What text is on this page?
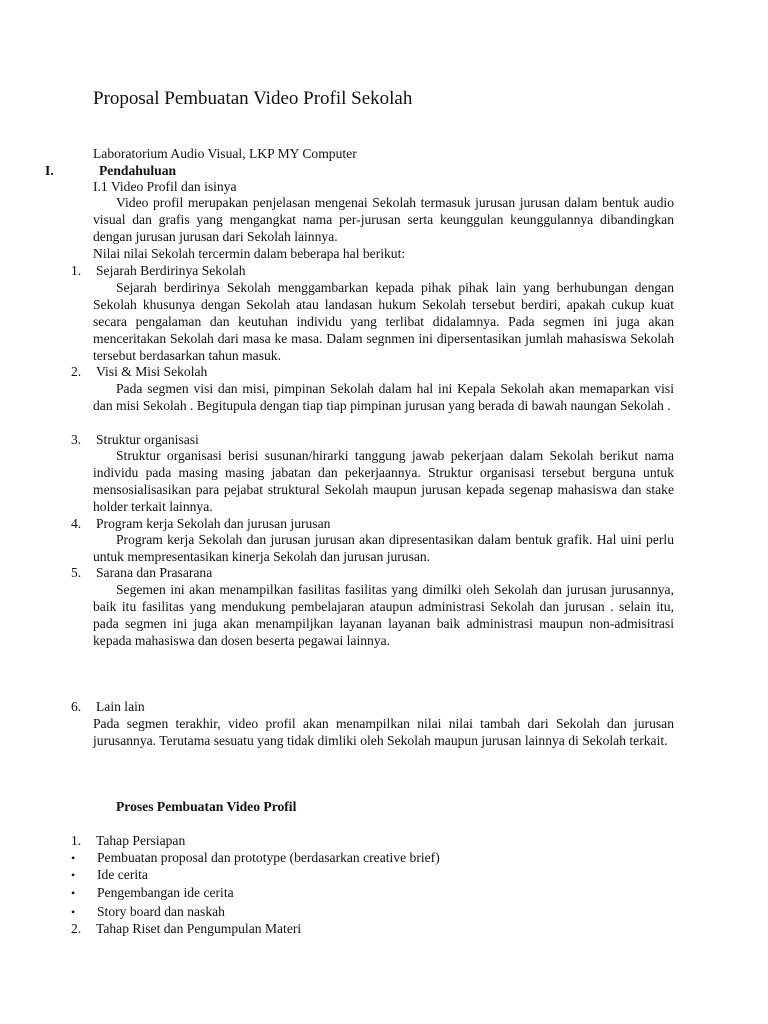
Proposal Pembuatan Video Profil Sekolah
Laboratorium Audio Visual, LKP MY Computer
I.	Pendahuluan
I.1 Video Profil dan isinya
Video profil merupakan penjelasan mengenai Sekolah termasuk jurusan jurusan dalam bentuk audio visual dan grafis yang mengangkat nama per-jurusan serta keunggulan keunggulannya dibandingkan dengan jurusan jurusan dari Sekolah lainnya.
Nilai nilai Sekolah tercermin dalam beberapa hal berikut:
1. Sejarah Berdirinya Sekolah
Sejarah berdirinya Sekolah menggambarkan kepada pihak pihak lain yang berhubungan dengan Sekolah khusunya dengan Sekolah atau landasan hukum Sekolah tersebut berdiri, apakah cukup kuat secara pengalaman dan keutuhan individu yang terlibat didalamnya. Pada segmen ini juga akan menceritakan Sekolah dari masa ke masa. Dalam segnmen ini dipersentasikan jumlah mahasiswa Sekolah tersebut berdasarkan tahun masuk.
2. Visi & Misi Sekolah
Pada segmen visi dan misi, pimpinan Sekolah dalam hal ini Kepala Sekolah akan memaparkan visi dan misi Sekolah . Begitupula dengan tiap tiap pimpinan jurusan yang berada di bawah naungan Sekolah .
3. Struktur organisasi
Struktur organisasi berisi susunan/hirarki tanggung jawab pekerjaan dalam Sekolah berikut nama individu pada masing masing jabatan dan pekerjaannya. Struktur organisasi tersebut berguna untuk mensosialisasikan para pejabat struktural Sekolah maupun jurusan kepada segenap mahasiswa dan stake holder terkait lainnya.
4. Program kerja Sekolah dan jurusan jurusan
Program kerja Sekolah dan jurusan jurusan akan dipresentasikan dalam bentuk grafik. Hal uini perlu untuk mempresentasikan kinerja Sekolah dan jurusan jurusan.
5. Sarana dan Prasarana
Segemen ini akan menampilkan fasilitas fasilitas yang dimilki oleh Sekolah dan jurusan jurusannya, baik itu fasilitas yang mendukung pembelajaran ataupun administrasi Sekolah dan jurusan . selain itu, pada segmen ini juga akan menampiljkan layanan layanan baik administrasi maupun non-admisitrasi kepada mahasiswa dan dosen beserta pegawai lainnya.
6. Lain lain
Pada segmen terakhir, video profil akan menampilkan nilai nilai tambah dari Sekolah dan jurusan jurusannya. Terutama sesuatu yang tidak dimliki oleh Sekolah maupun jurusan lainnya di Sekolah terkait.
Proses Pembuatan Video Profil
1. Tahap Persiapan
• Pembuatan proposal dan prototype (berdasarkan creative brief)
• Ide cerita
• Pengembangan ide cerita
• Story board dan naskah
2. Tahap Riset dan Pengumpulan Materi
